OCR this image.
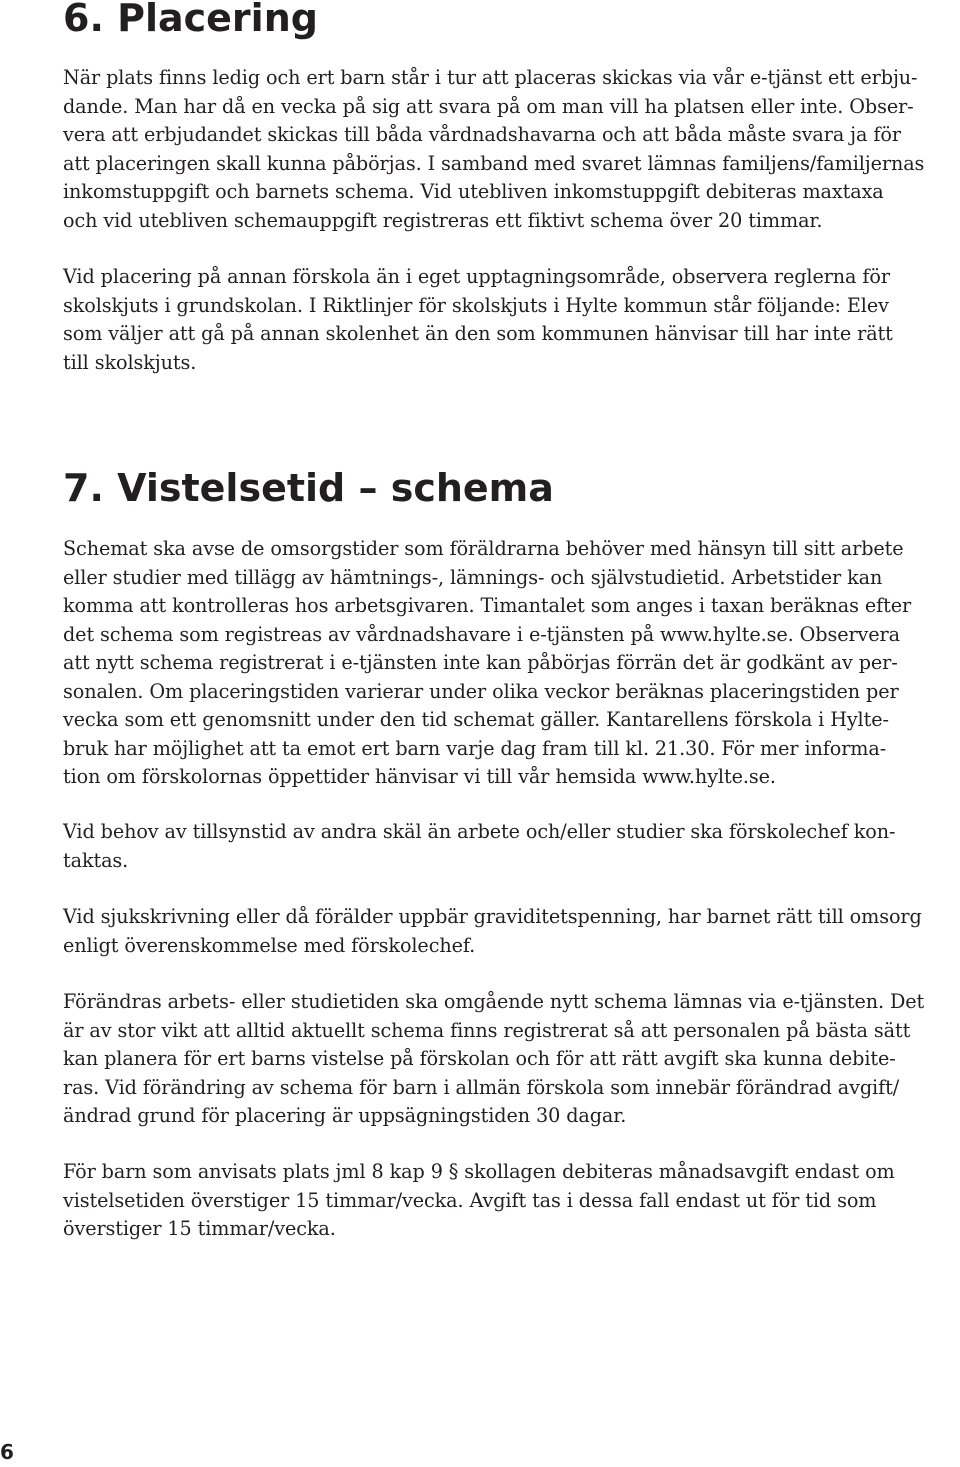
6. Placering

När plats finns ledig och ert barn står i tur att placeras skickas via vår e-tjänst ett erbju-
dande. Man har då en vecka på sig att svara på om man vill ha platsen eller inte. Obser-
vera att erbjudandet skickas till båda vårdnadshavarna och att båda måste svara ja för
att placeringen skall kunna påbörjas. I samband med svaret lämnas familjens/familjernas
inkomstuppgift och barnets schema. Vid utebliven inkomstuppgift debiteras maxtaxa
och vid utebliven schemauppgift registreras ett fiktivt schema över 20 timmar.

Vid placering på annan förskola än i eget upptagningsområde, observera reglerna för
skolskjuts i grundskolan. I Riktlinjer för skolskjuts i Hylte kommun står följande: Elev
som väljer att gå på annan skolenhet än den som kommunen hänvisar till har inte rätt
till skolskjuts.

7. Vistelsetid – schema

Schemat ska avse de omsorgstider som föräldrarna behöver med hänsyn till sitt arbete
eller studier med tillägg av hämtnings-, lämnings- och självstudietid. Arbetstider kan
komma att kontrolleras hos arbetsgivaren. Timantalet som anges i taxan beräknas efter
det schema som registreas av vårdnadshavare i e-tjänsten på www.hylte.se. Observera
att nytt schema registrerat i e-tjänsten inte kan påbörjas förrän det är godkänt av per-
sonalen. Om placeringstiden varierar under olika veckor beräknas placeringstiden per
vecka som ett genomsnitt under den tid schemat gäller. Kantarellens förskola i Hylte-
bruk har möjlighet att ta emot ert barn varje dag fram till kl. 21.30. För mer informa-
tion om förskolornas öppettider hänvisar vi till vår hemsida www.hylte.se.

Vid behov av tillsynstid av andra skäl än arbete och/eller studier ska förskolechef kon-
taktas.

Vid sjukskrivning eller då förälder uppbär graviditetspenning, har barnet rätt till omsorg
enligt överenskommelse med förskolechef.

Förändras arbets- eller studietiden ska omgående nytt schema lämnas via e-tjänsten. Det
är av stor vikt att alltid aktuellt schema finns registrerat så att personalen på bästa sätt
kan planera för ert barns vistelse på förskolan och för att rätt avgift ska kunna debite-
ras. Vid förändring av schema för barn i allmän förskola som innebär förändrad avgift/
ändrad grund för placering är uppsägningstiden 30 dagar.

För barn som anvisats plats jml 8 kap 9 § skollagen debiteras månadsavgift endast om
vistelsetiden överstiger 15 timmar/vecka. Avgift tas i dessa fall endast ut för tid som
överstiger 15 timmar/vecka.

6
